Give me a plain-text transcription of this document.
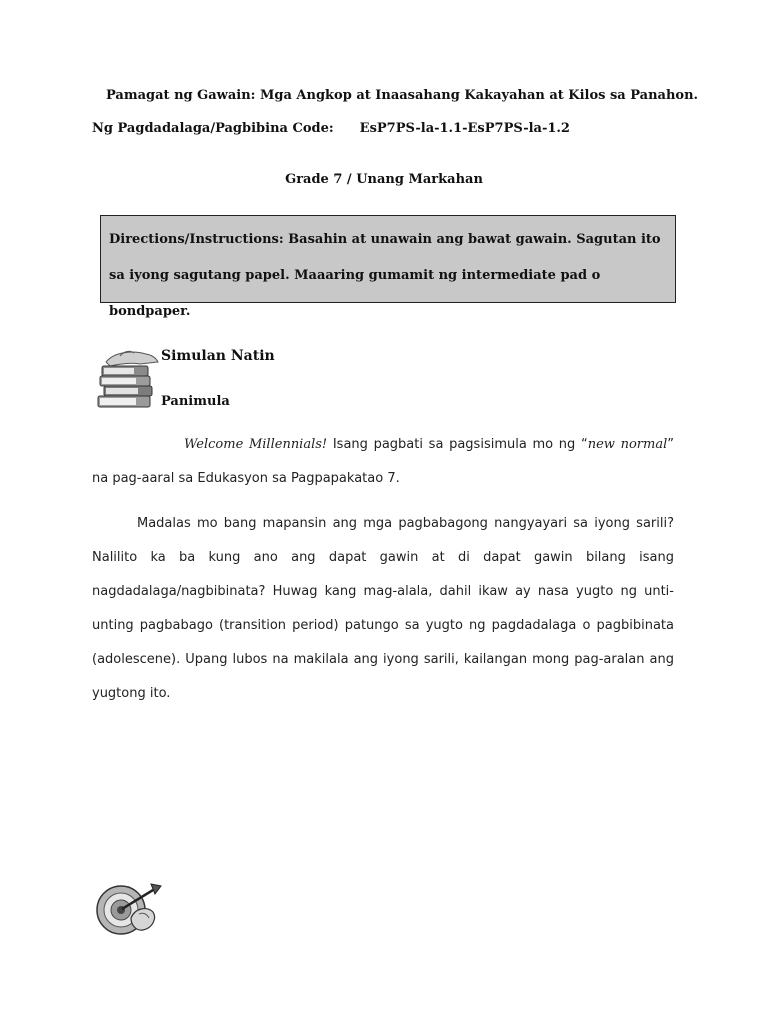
Pamagat ng Gawain: Mga Angkop at Inaasahang Kakayahan at Kilos sa Panahon.
Ng Pagdadalaga/Pagbibina Code: EsP7PS-la-1.1-EsP7PS-la-1.2
Grade 7 / Unang Markahan
Directions/Instructions: Basahin at unawain ang bawat gawain. Sagutan ito sa iyong sagutang papel. Maaaring gumamit ng intermediate pad o bondpaper.
Simulan Natin
Panimula
Welcome Millennials! Isang pagbati sa pagsisimula mo ng “new normal” na pag-aaral sa Edukasyon sa Pagpapakatao 7.
Madalas mo bang mapansin ang mga pagbabagong nangyayari sa iyong sarili? Nalilito ka ba kung ano ang dapat gawin at di dapat gawin bilang isang nagdadalaga/nagbibinata? Huwag kang mag-alala, dahil ikaw ay nasa yugto ng unti-unting pagbabago (transition period) patungo sa yugto ng pagdadalaga o pagbibinata (adolescene). Upang lubos na makilala ang iyong sarili, kailangan mong pag-aralan ang yugtong ito.
